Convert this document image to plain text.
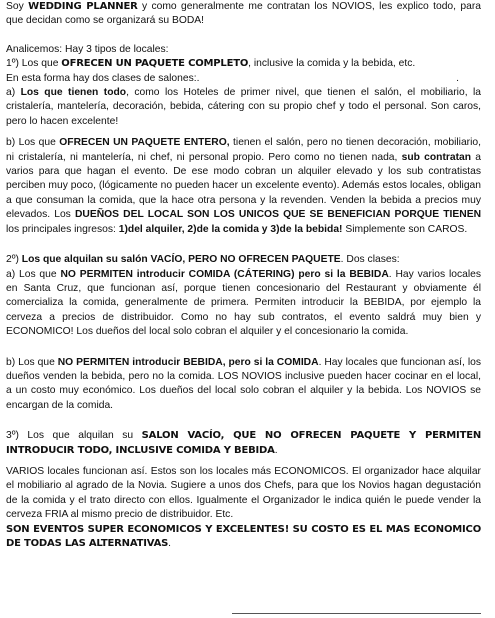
Soy WEDDING PLANNER y como generalmente me contratan los NOVIOS, les explico todo, para que decidan como se organizará su BODA!

Analicemos: Hay 3 tipos de locales:

1º) Los que OFRECEN UN PAQUETE COMPLETO, inclusive la comida y la bebida, etc.

En esta forma hay dos clases de salones:.	.

a) Los que tienen todo, como los Hoteles de primer nivel, que tienen el salón, el mobiliario, la cristalería, mantelería, decoración, bebida, cátering con su propio chef y todo el personal. Son caros, pero lo hacen excelente!

b) Los que OFRECEN UN PAQUETE ENTERO, tienen el salón, pero no tienen decoración, mobiliario, ni cristalería, ni mantelería, ni chef, ni personal propio. Pero como no tienen nada, sub contratan a varios para que hagan el evento. De ese modo cobran un alquiler elevado y los sub contratistas perciben muy poco, (lógicamente no pueden hacer un excelente evento). Además estos locales, obligan a que consuman la comida, que la hace otra persona y la revenden. Venden la bebida a precios muy elevados. Los DUEÑOS DEL LOCAL SON LOS UNICOS QUE SE BENEFICIAN PORQUE TIENEN los principales ingresos: 1)del alquiler, 2)de la comida y 3)de la bebida! Simplemente son CAROS.

2º) Los que alquilan su salón VACÍO, PERO NO OFRECEN PAQUETE. Dos clases:

a) Los que NO PERMITEN introducir COMIDA (CÁTERING) pero si la BEBIDA. Hay varios locales en Santa Cruz, que funcionan así, porque tienen concesionario del Restaurant y obviamente él comercializa la comida, generalmente de primera. Permiten introducir la BEBIDA, por ejemplo la cerveza a precios de distribuidor. Como no hay sub contratos, el evento saldrá muy bien y ECONOMICO! Los dueños del local solo cobran el alquiler y el concesionario la comida.

b) Los que NO PERMITEN introducir BEBIDA, pero si la COMIDA. Hay locales que funcionan así, los dueños venden la bebida, pero no la comida. LOS NOVIOS inclusive pueden hacer cocinar en el local, a un costo muy económico. Los dueños del local solo cobran el alquiler y la bebida. Los NOVIOS se encargan de la comida.

3º) Los que alquilan su SALON VACÍO, QUE NO OFRECEN PAQUETE Y PERMITEN INTRODUCIR TODO, INCLUSIVE COMIDA Y BEBIDA.

VARIOS locales funcionan así. Estos son los locales más ECONOMICOS. El organizador hace alquilar el mobiliario al agrado de la Novia. Sugiere a unos dos Chefs, para que los Novios hagan degustación de la comida y el trato directo con ellos. Igualmente el Organizador le indica quién le puede vender la cerveza FRIA al mismo precio de distribuidor. Etc.

SON EVENTOS SUPER ECONOMICOS Y EXCELENTES! SU COSTO ES EL MAS ECONOMICO DE TODAS LAS ALTERNATIVAS.
